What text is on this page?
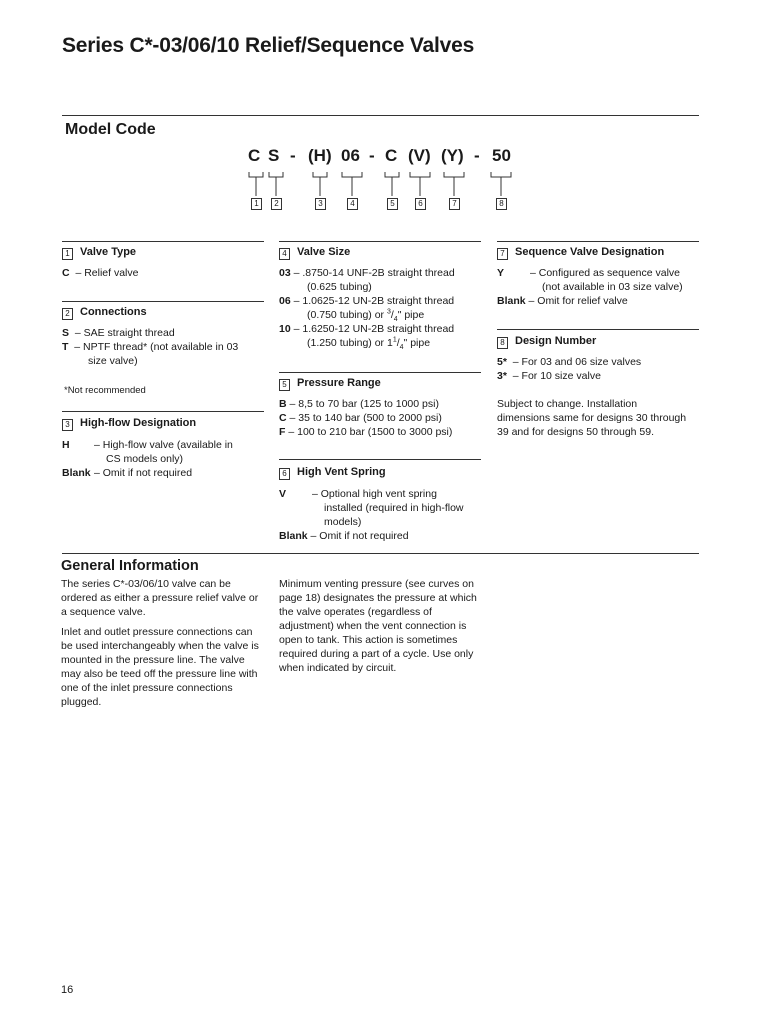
Series C*-03/06/10 Relief/Sequence Valves
Model Code
C S - (H) 06 - C (V) (Y) - 50
1	2	3	4	5	6	7	8
1 Valve Type
C – Relief valve
2 Connections
S – SAE straight thread
T – NPTF thread* (not available in 03
size valve)
*Not recommended
3 High-flow Designation
H – High-flow valve (available in
CS models only)
Blank – Omit if not required
4 Valve Size
03 – .8750-14 UNF-2B straight thread
(0.625 tubing)
06 – 1.0625-12 UN-2B straight thread
(0.750 tubing) or $^3/_4$" pipe
10 – 1.6250-12 UN-2B straight thread
(1.250 tubing) or $1^1/_4$" pipe
5 Pressure Range
B – 8,5 to 70 bar (125 to 1000 psi)
C – 35 to 140 bar (500 to 2000 psi)
F – 100 to 210 bar (1500 to 3000 psi)
6 High Vent Spring
V – Optional high vent spring
installed (required in high-flow
models)
Blank – Omit if not required
7 Sequence Valve Designation
Y – Configured as sequence valve
(not available in 03 size valve)
Blank – Omit for relief valve
8 Design Number
5* – For 03 and 06 size valves
3* – For 10 size valve
Subject to change. Installation
dimensions same for designs 30 through
39 and for designs 50 through 59.
General Information

The series C*-03/06/10 valve can be ordered as either a pressure relief valve or a sequence valve.

Inlet and outlet pressure connections can be used interchangeably when the valve is mounted in the pressure line. The valve may also be teed off the pressure line with one of the inlet pressure connections plugged.

Minimum venting pressure (see curves on page 18) designates the pressure at which the valve operates (regardless of adjustment) when the vent connection is open to tank. This action is sometimes required during a part of a cycle. Use only when indicated by circuit.

16
